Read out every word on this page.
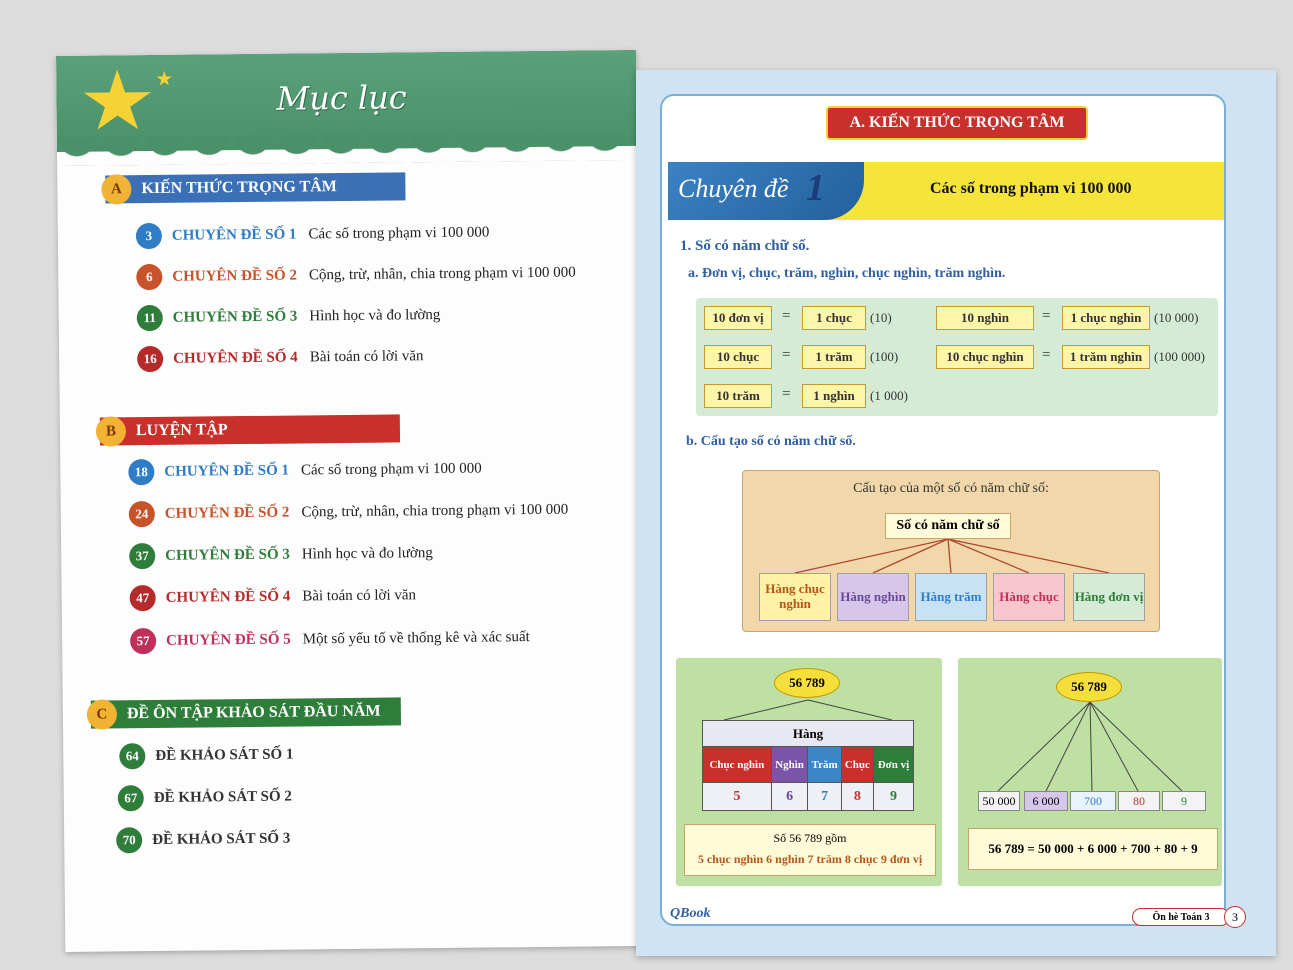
Mục lục
A	KIẾN THỨC TRỌNG TÂM
3	CHUYÊN ĐỀ SỐ 1 Các số trong phạm vi 100 000
6	CHUYÊN ĐỀ SỐ 2 Cộng, trừ, nhân, chia trong phạm vi 100 000
11	CHUYÊN ĐỀ SỐ 3 Hình học và đo lường
16	CHUYÊN ĐỀ SỐ 4 Bài toán có lời văn
B	LUYỆN TẬP
18	CHUYÊN ĐỀ SỐ 1 Các số trong phạm vi 100 000
24	CHUYÊN ĐỀ SỐ 2 Cộng, trừ, nhân, chia trong phạm vi 100 000
37	CHUYÊN ĐỀ SỐ 3 Hình học và đo lường
47	CHUYÊN ĐỀ SỐ 4 Bài toán có lời văn
57	CHUYÊN ĐỀ SỐ 5 Một số yếu tố về thống kê và xác suất
C	ĐỀ ÔN TẬP KHẢO SÁT ĐẦU NĂM
64	ĐỀ KHẢO SÁT SỐ 1
67	ĐỀ KHẢO SÁT SỐ 2
70	ĐỀ KHẢO SÁT SỐ 3
A. KIẾN THỨC TRỌNG TÂM
Chuyên đề 1	Các số trong phạm vi 100 000
1. Số có năm chữ số.
a. Đơn vị, chục, trăm, nghìn, chục nghìn, trăm nghìn.
10 đơn vị	=	1 chục	(10)	10 nghìn	=	1 chục nghìn (10 000)
10 chục	=	1 trăm	(100)	10 chục nghìn	=	1 trăm nghìn (100 000)
10 trăm	=	1 nghìn	(1 000)
b. Cấu tạo số có năm chữ số.
Cấu tạo của một số có năm chữ số:
Số có năm chữ số
Hàng chục nghìn	Hàng nghìn	Hàng trăm	Hàng chục	Hàng đơn vị
56 789
Hàng				
Chục nghìn	Nghìn	Trăm	Chục	Đơn vị
5	6	7	8	9
Số 56 789 gồm
5 chục nghìn 6 nghìn 7 trăm 8 chục 9 đơn vị
56 789
50 000	6 000	700	80	9
56 789 = 50 000 + 6 000 + 700 + 80 + 9
QBook	Ôn hè Toán 3	3
